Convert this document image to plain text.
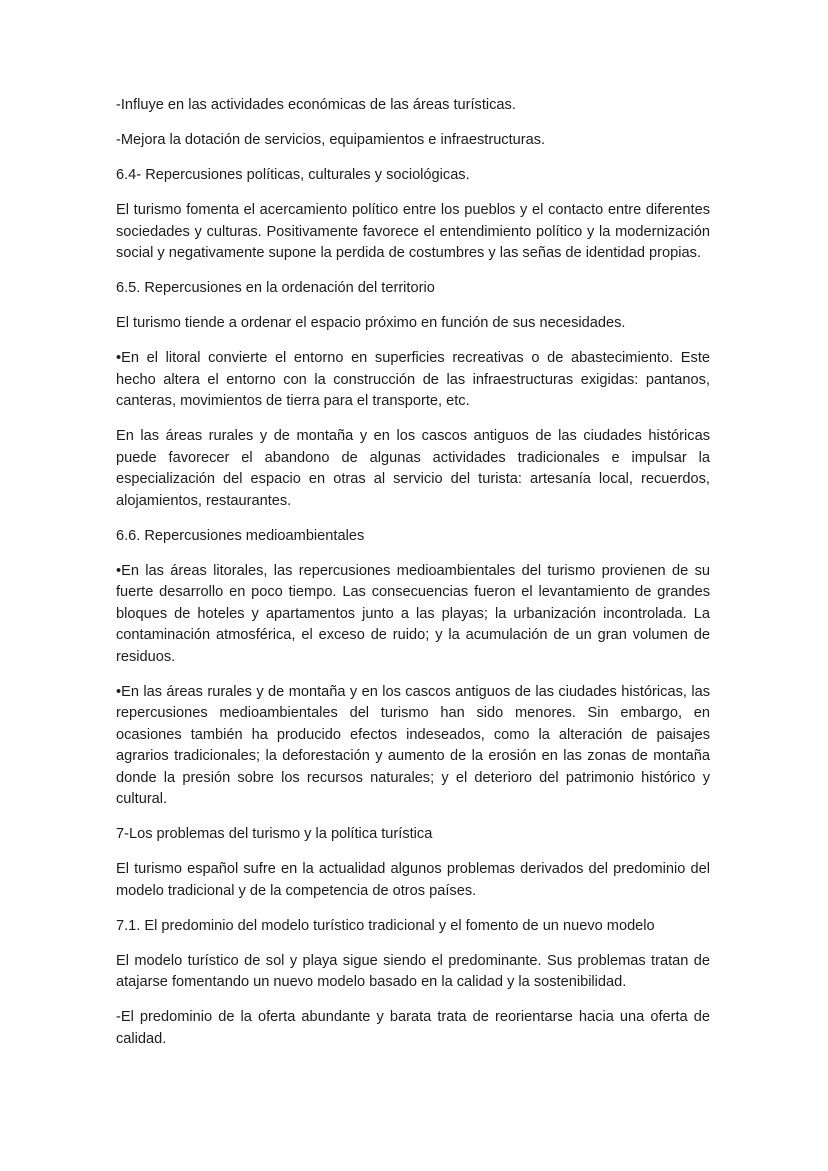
-Influye en las actividades económicas de las áreas turísticas.

-Mejora la dotación de servicios, equipamientos e infraestructuras.

6.4- Repercusiones políticas, culturales y sociológicas.

El turismo fomenta el acercamiento político entre los pueblos y el contacto entre diferentes sociedades y culturas. Positivamente favorece el entendimiento político y la modernización social y negativamente supone la perdida de costumbres y las señas de identidad propias.

6.5. Repercusiones en la ordenación del territorio

El turismo tiende a ordenar el espacio próximo en función de sus necesidades.

•En el litoral convierte el entorno en superficies recreativas o de abastecimiento. Este hecho altera el entorno con la construcción de las infraestructuras exigidas: pantanos, canteras, movimientos de tierra para el transporte, etc.

En las áreas rurales y de montaña y en los cascos antiguos de las ciudades históricas puede favorecer el abandono de algunas actividades tradicionales e impulsar la especialización del espacio en otras al servicio del turista: artesanía local, recuerdos, alojamientos, restaurantes.

6.6. Repercusiones medioambientales

•En las áreas litorales, las repercusiones medioambientales del turismo provienen de su fuerte desarrollo en poco tiempo. Las consecuencias fueron el levantamiento de grandes bloques de hoteles y apartamentos junto a las playas; la urbanización incontrolada. La contaminación atmosférica, el exceso de ruido; y la acumulación de un gran volumen de residuos.

•En las áreas rurales y de montaña y en los cascos antiguos de las ciudades históricas, las repercusiones medioambientales del turismo han sido menores. Sin embargo, en ocasiones también ha producido efectos indeseados, como la alteración de paisajes agrarios tradicionales; la deforestación y aumento de la erosión en las zonas de montaña donde la presión sobre los recursos naturales; y el deterioro del patrimonio histórico y cultural.

7-Los problemas del turismo y la política turística

El turismo español sufre en la actualidad algunos problemas derivados del predominio del modelo tradicional y de la competencia de otros países.

7.1. El predominio del modelo turístico tradicional y el fomento de un nuevo modelo

El modelo turístico de sol y playa sigue siendo el predominante. Sus problemas tratan de atajarse fomentando un nuevo modelo basado en la calidad y la sostenibilidad.

-El predominio de la oferta abundante y barata trata de reorientarse hacia una oferta de calidad.
